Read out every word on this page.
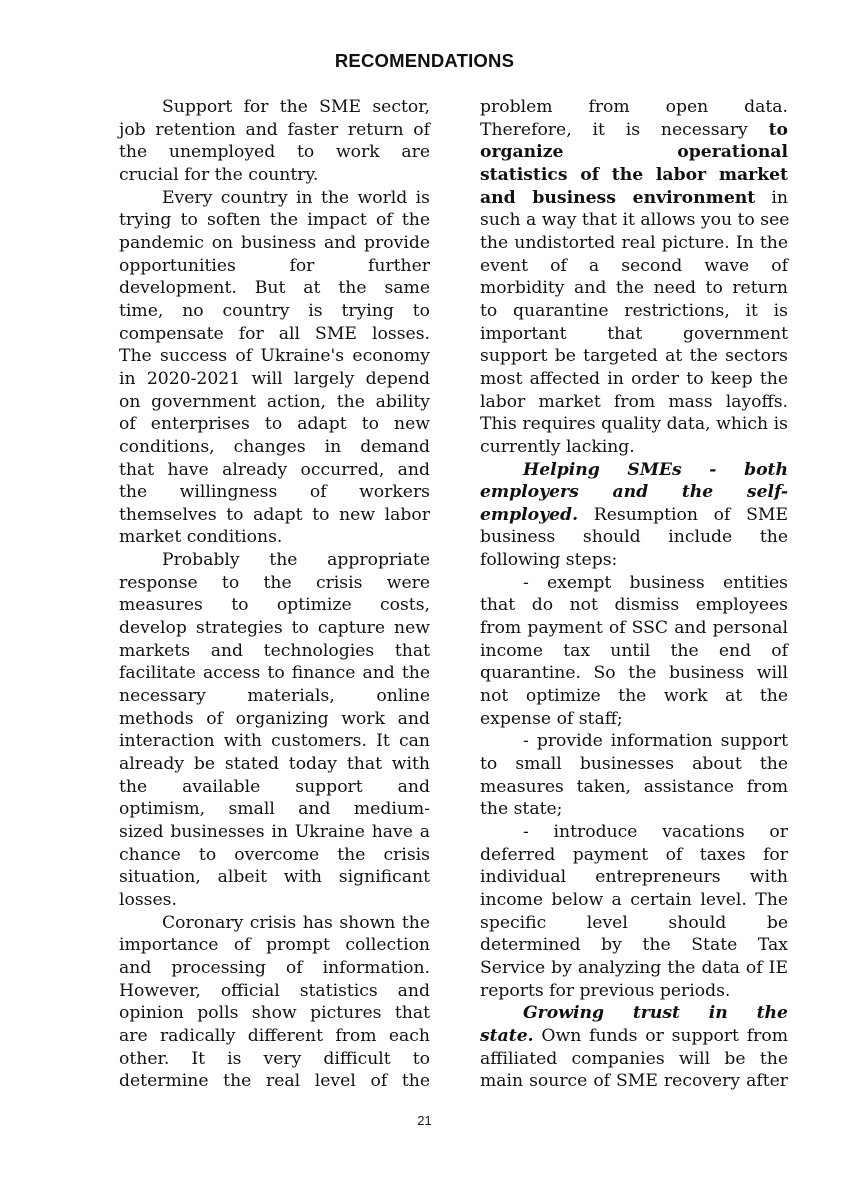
RECOMENDATIONS
Support for the SME sector,
job retention and faster return of
the unemployed to work are
crucial for the country.
Every country in the world is
trying to soften the impact of the
pandemic on business and provide
opportunities for further
development. But at the same
time, no country is trying to
compensate for all SME losses.
The success of Ukraine's economy
in 2020-2021 will largely depend
on government action, the ability
of enterprises to adapt to new
conditions, changes in demand
that have already occurred, and
the willingness of workers
themselves to adapt to new labor
market conditions.
Probably the appropriate
response to the crisis were
measures to optimize costs,
develop strategies to capture new
markets and technologies that
facilitate access to finance and the
necessary materials, online
methods of organizing work and
interaction with customers. It can
already be stated today that with
the available support and
optimism, small and medium-
sized businesses in Ukraine have a
chance to overcome the crisis
situation, albeit with significant
losses.
Coronary crisis has shown the
importance of prompt collection
and processing of information.
However, official statistics and
opinion polls show pictures that
are radically different from each
other. It is very difficult to
determine the real level of the
problem from open data.
Therefore, it is necessary to
organize operational
statistics of the labor market
and business environment in
such a way that it allows you to see
the undistorted real picture. In the
event of a second wave of
morbidity and the need to return
to quarantine restrictions, it is
important that government
support be targeted at the sectors
most affected in order to keep the
labor market from mass layoffs.
This requires quality data, which is
currently lacking.
Helping SMEs - both
employers and the self-
employed. Resumption of SME
business should include the
following steps:
- exempt business entities
that do not dismiss employees
from payment of SSC and personal
income tax until the end of
quarantine. So the business will
not optimize the work at the
expense of staff;
- provide information support
to small businesses about the
measures taken, assistance from
the state;
- introduce vacations or
deferred payment of taxes for
individual entrepreneurs with
income below a certain level. The
specific level should be
determined by the State Tax
Service by analyzing the data of IE
reports for previous periods.
Growing trust in the
state. Own funds or support from
affiliated companies will be the
main source of SME recovery after
21
